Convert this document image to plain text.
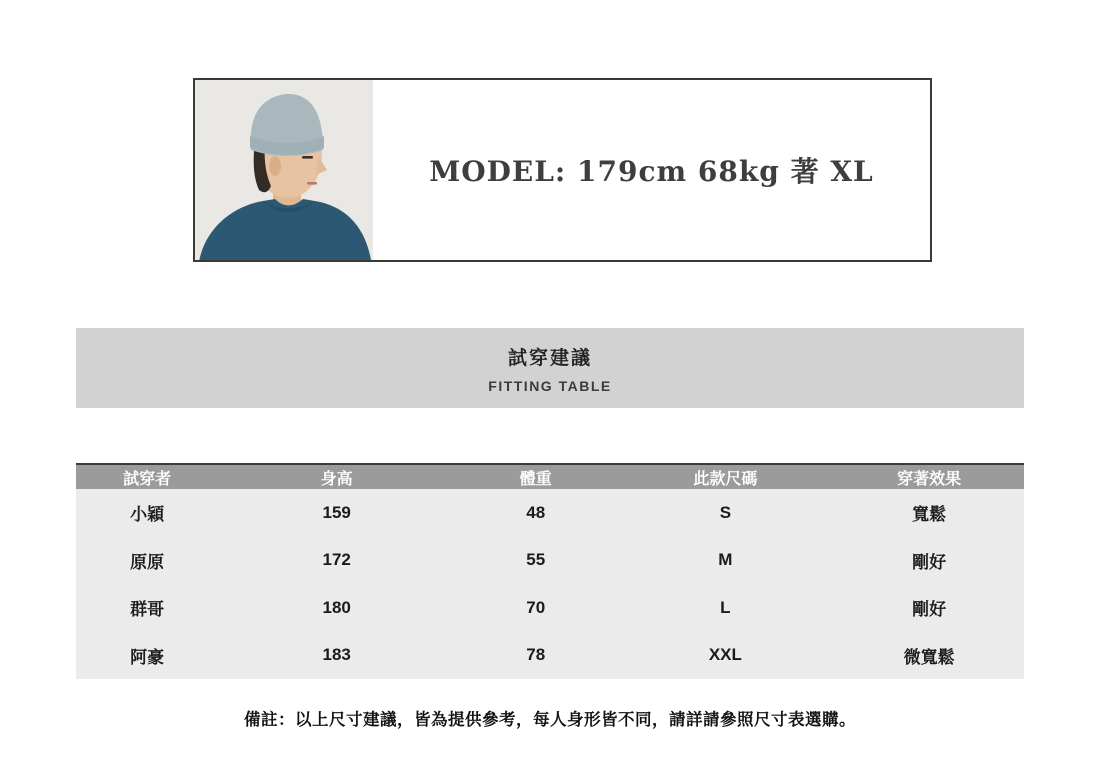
MODEL: 179cm 68kg 著 XL
試穿建議
FITTING TABLE
試穿者	身高	體重	此款尺碼	穿著效果
小穎	159	48	S	寬鬆
原原	172	55	M	剛好
群哥	180	70	L	剛好
阿豪	183	78	XXL	微寬鬆
備註：以上尺寸建議，皆為提供參考，每人身形皆不同，請詳請參照尺寸表選購。
